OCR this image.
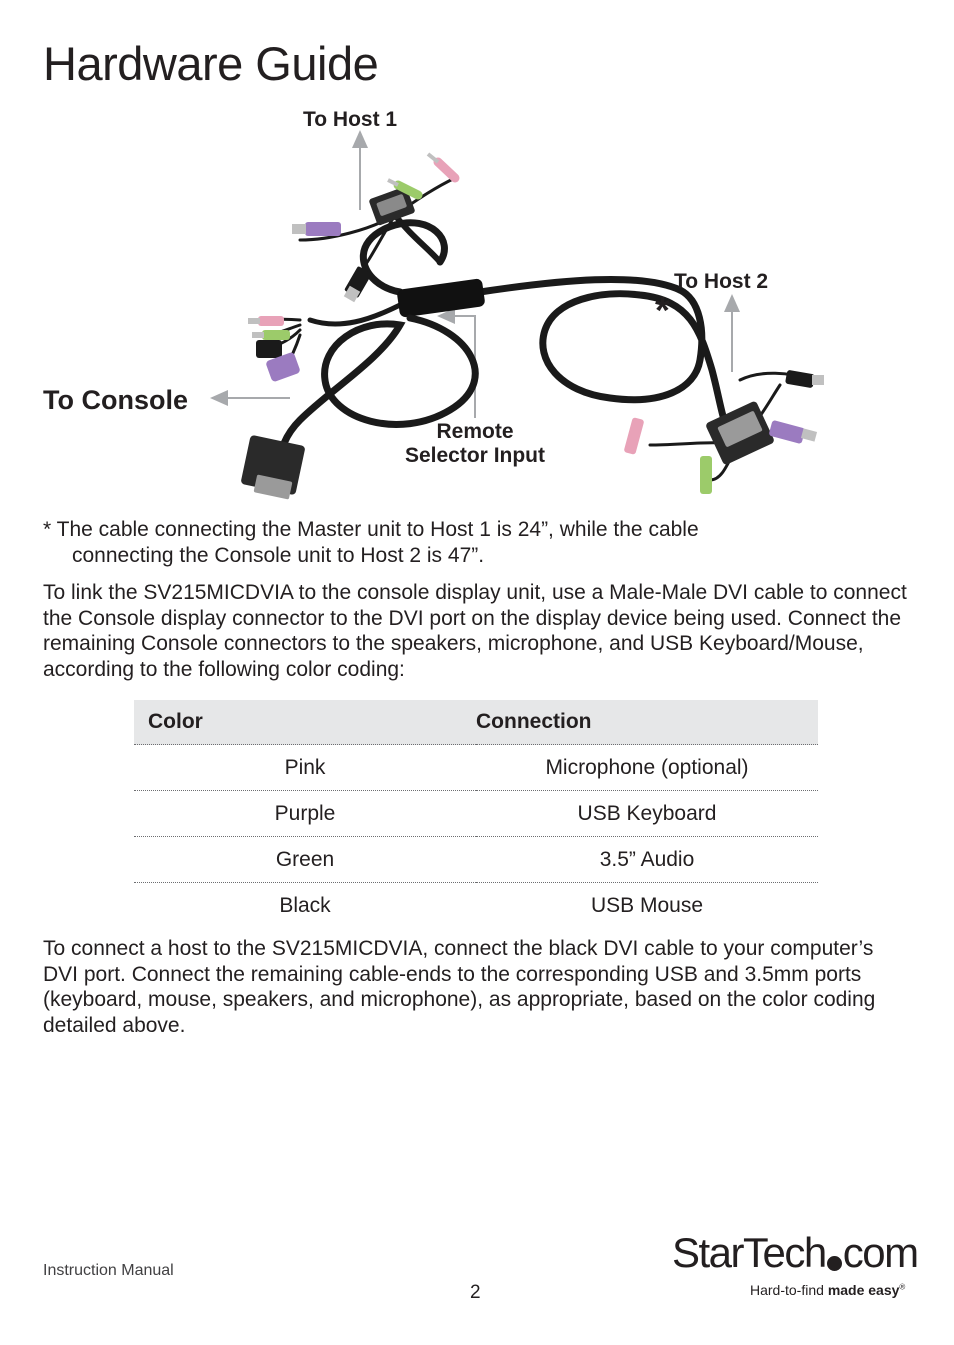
Hardware Guide
To Host 1
To Host 2
*
To Console
Remote
Selector Input
* The cable connecting the Master unit to Host 1 is 24”, while the cable
connecting the Console unit to Host 2 is 47”.
To link the SV215MICDVIA to the console display unit, use a Male-Male DVI cable to connect the Console display connector to the DVI port on the display device being used. Connect the remaining Console connectors to the speakers, microphone, and USB Keyboard/Mouse, according to the following color coding:
Color	Connection
Pink	Microphone (optional)
Purple	USB Keyboard
Green	3.5” Audio
Black	USB Mouse
To connect a host to the SV215MICDVIA, connect the black DVI cable to your computer’s DVI port. Connect the remaining cable-ends to the corresponding USB and 3.5mm ports (keyboard, mouse, speakers, and microphone), as appropriate, based on the color coding detailed above.
Instruction Manual
2
StarTech com
Hard-to-find made easy®
